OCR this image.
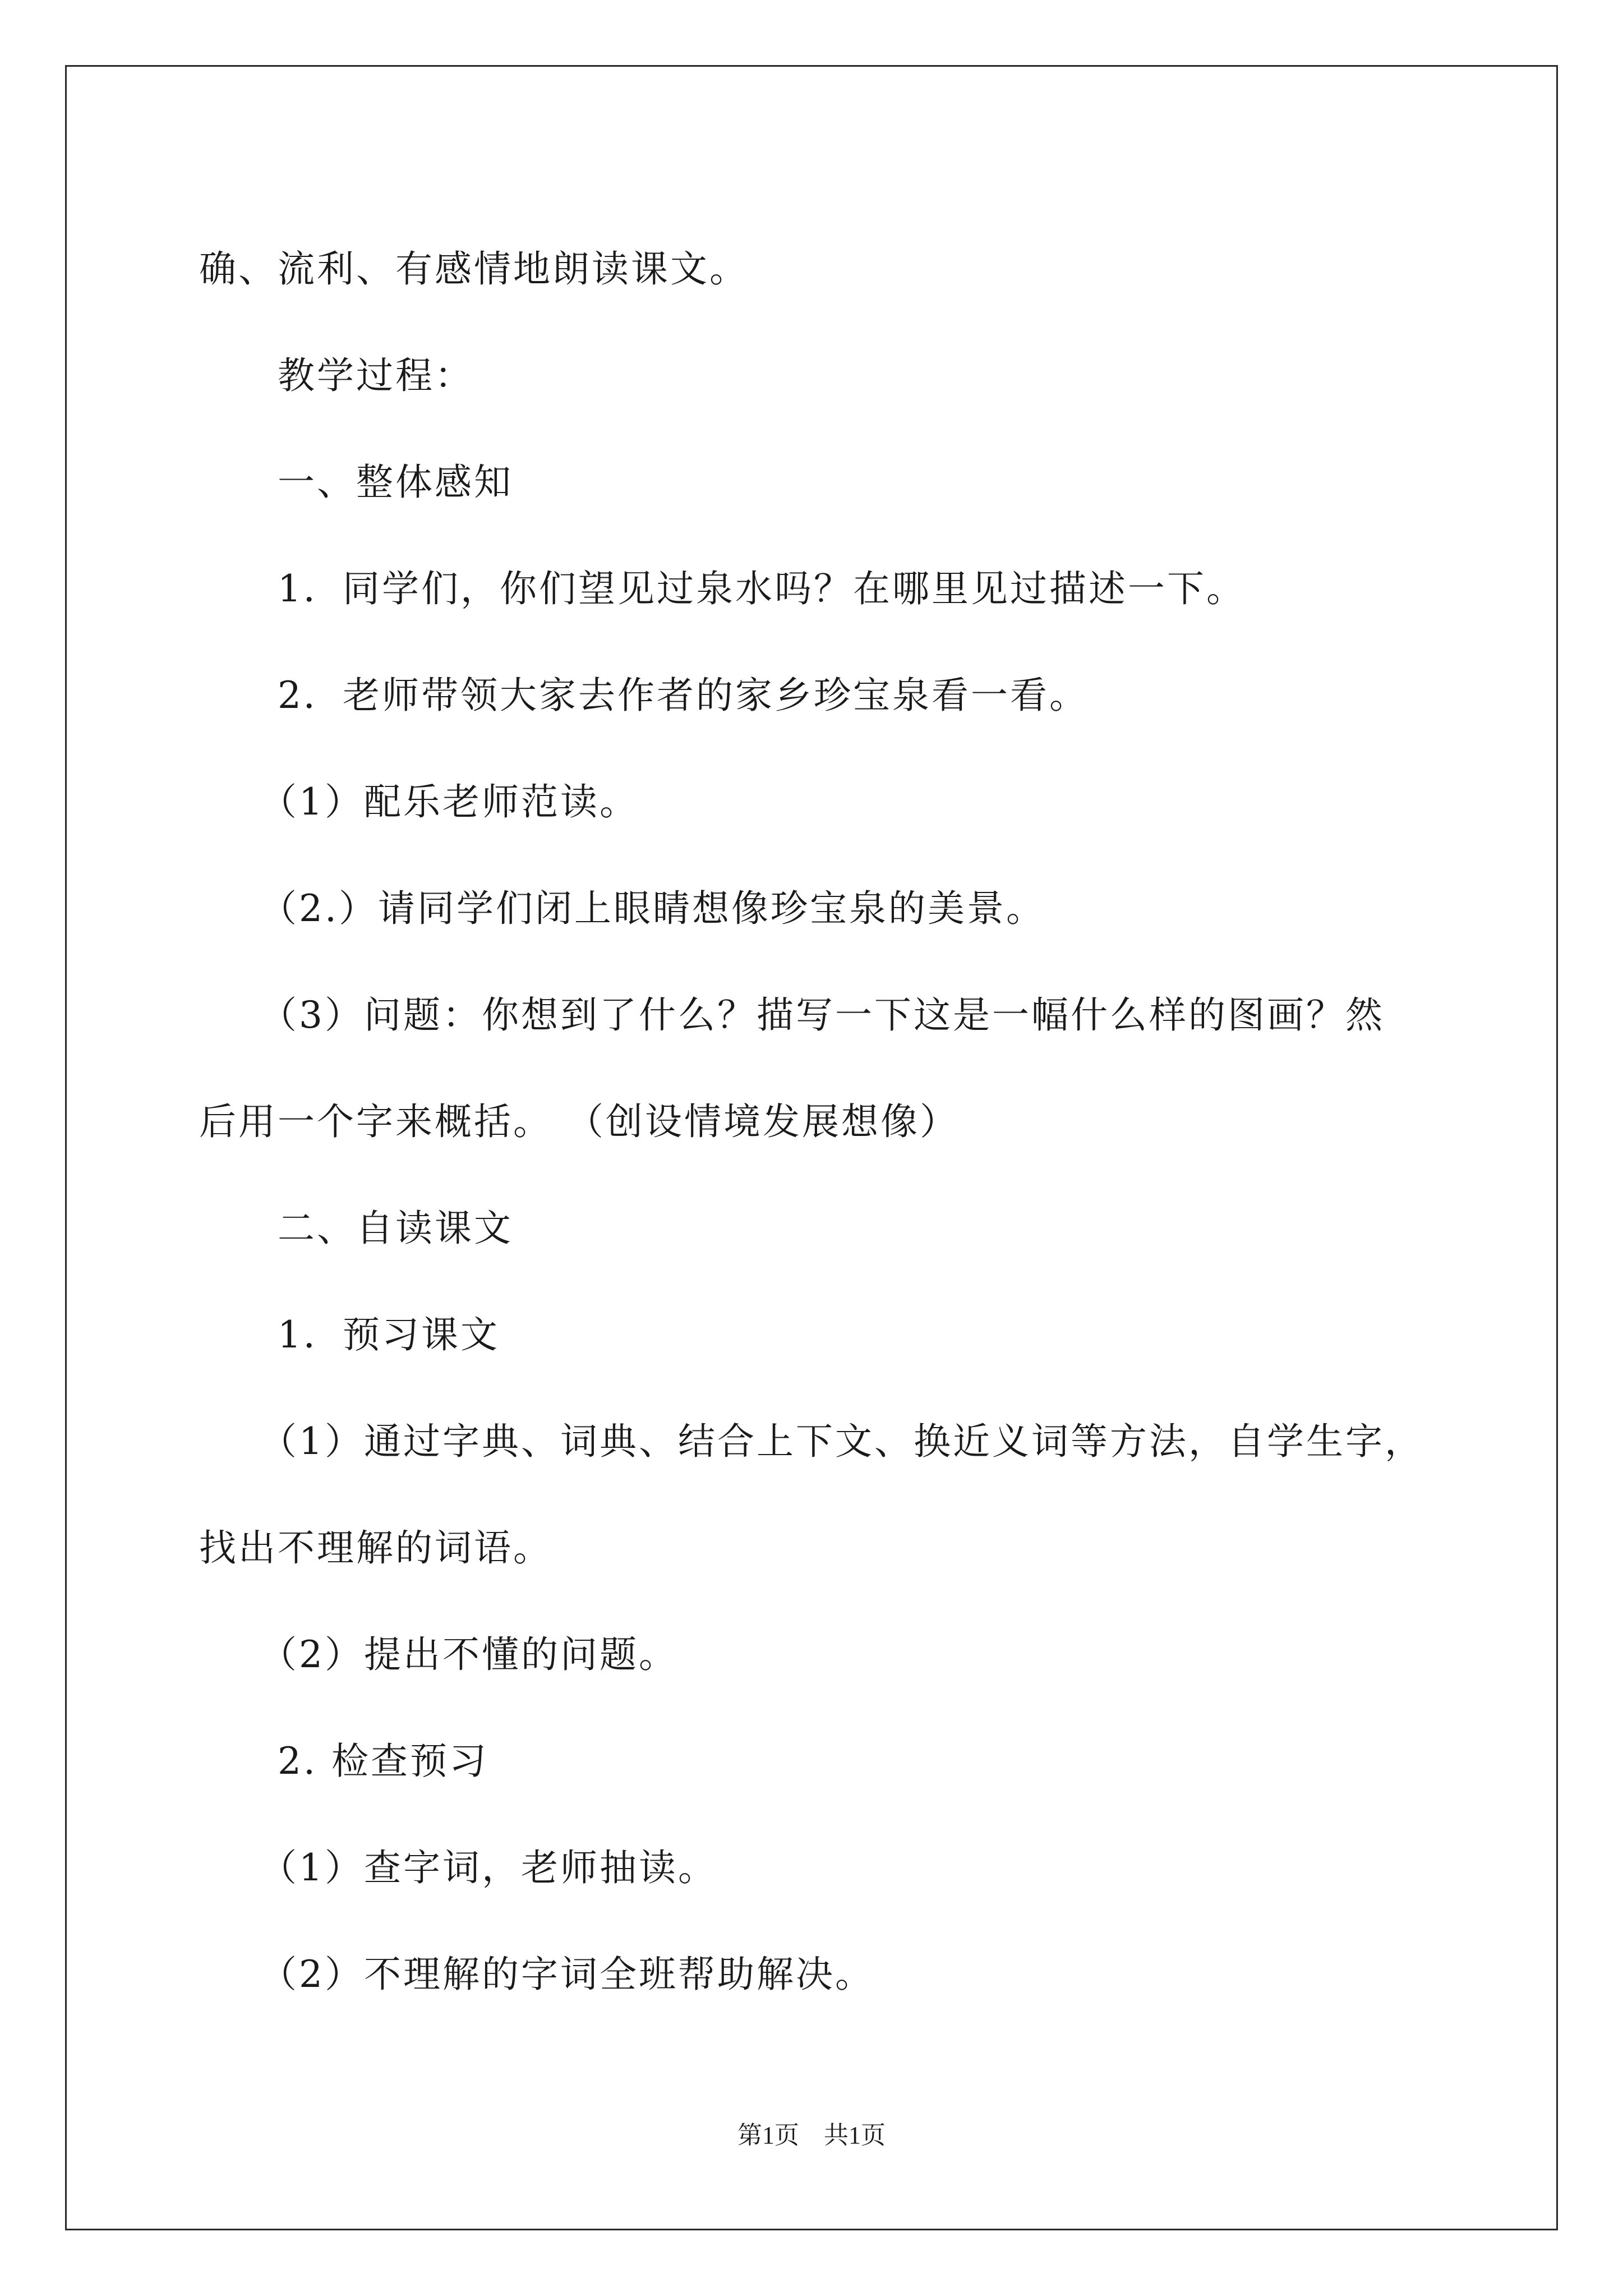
确、流利、有感情地朗读课文。

教学过程：

一、整体感知

1．同学们，你们望见过泉水吗？在哪里见过描述一下。

2．老师带领大家去作者的家乡珍宝泉看一看。

（1）配乐老师范读。

（2.）请同学们闭上眼睛想像珍宝泉的美景。

（3）问题：你想到了什么？描写一下这是一幅什么样的图画？然

后用一个字来概括。 （创设情境发展想像）

二、自读课文

1．预习课文

（1）通过字典、词典、结合上下文、换近义词等方法，自学生字，

找出不理解的词语。

（2）提出不懂的问题。

2. 检查预习

（1）查字词，老师抽读。

（2）不理解的字词全班帮助解决。

第1页　共1页
